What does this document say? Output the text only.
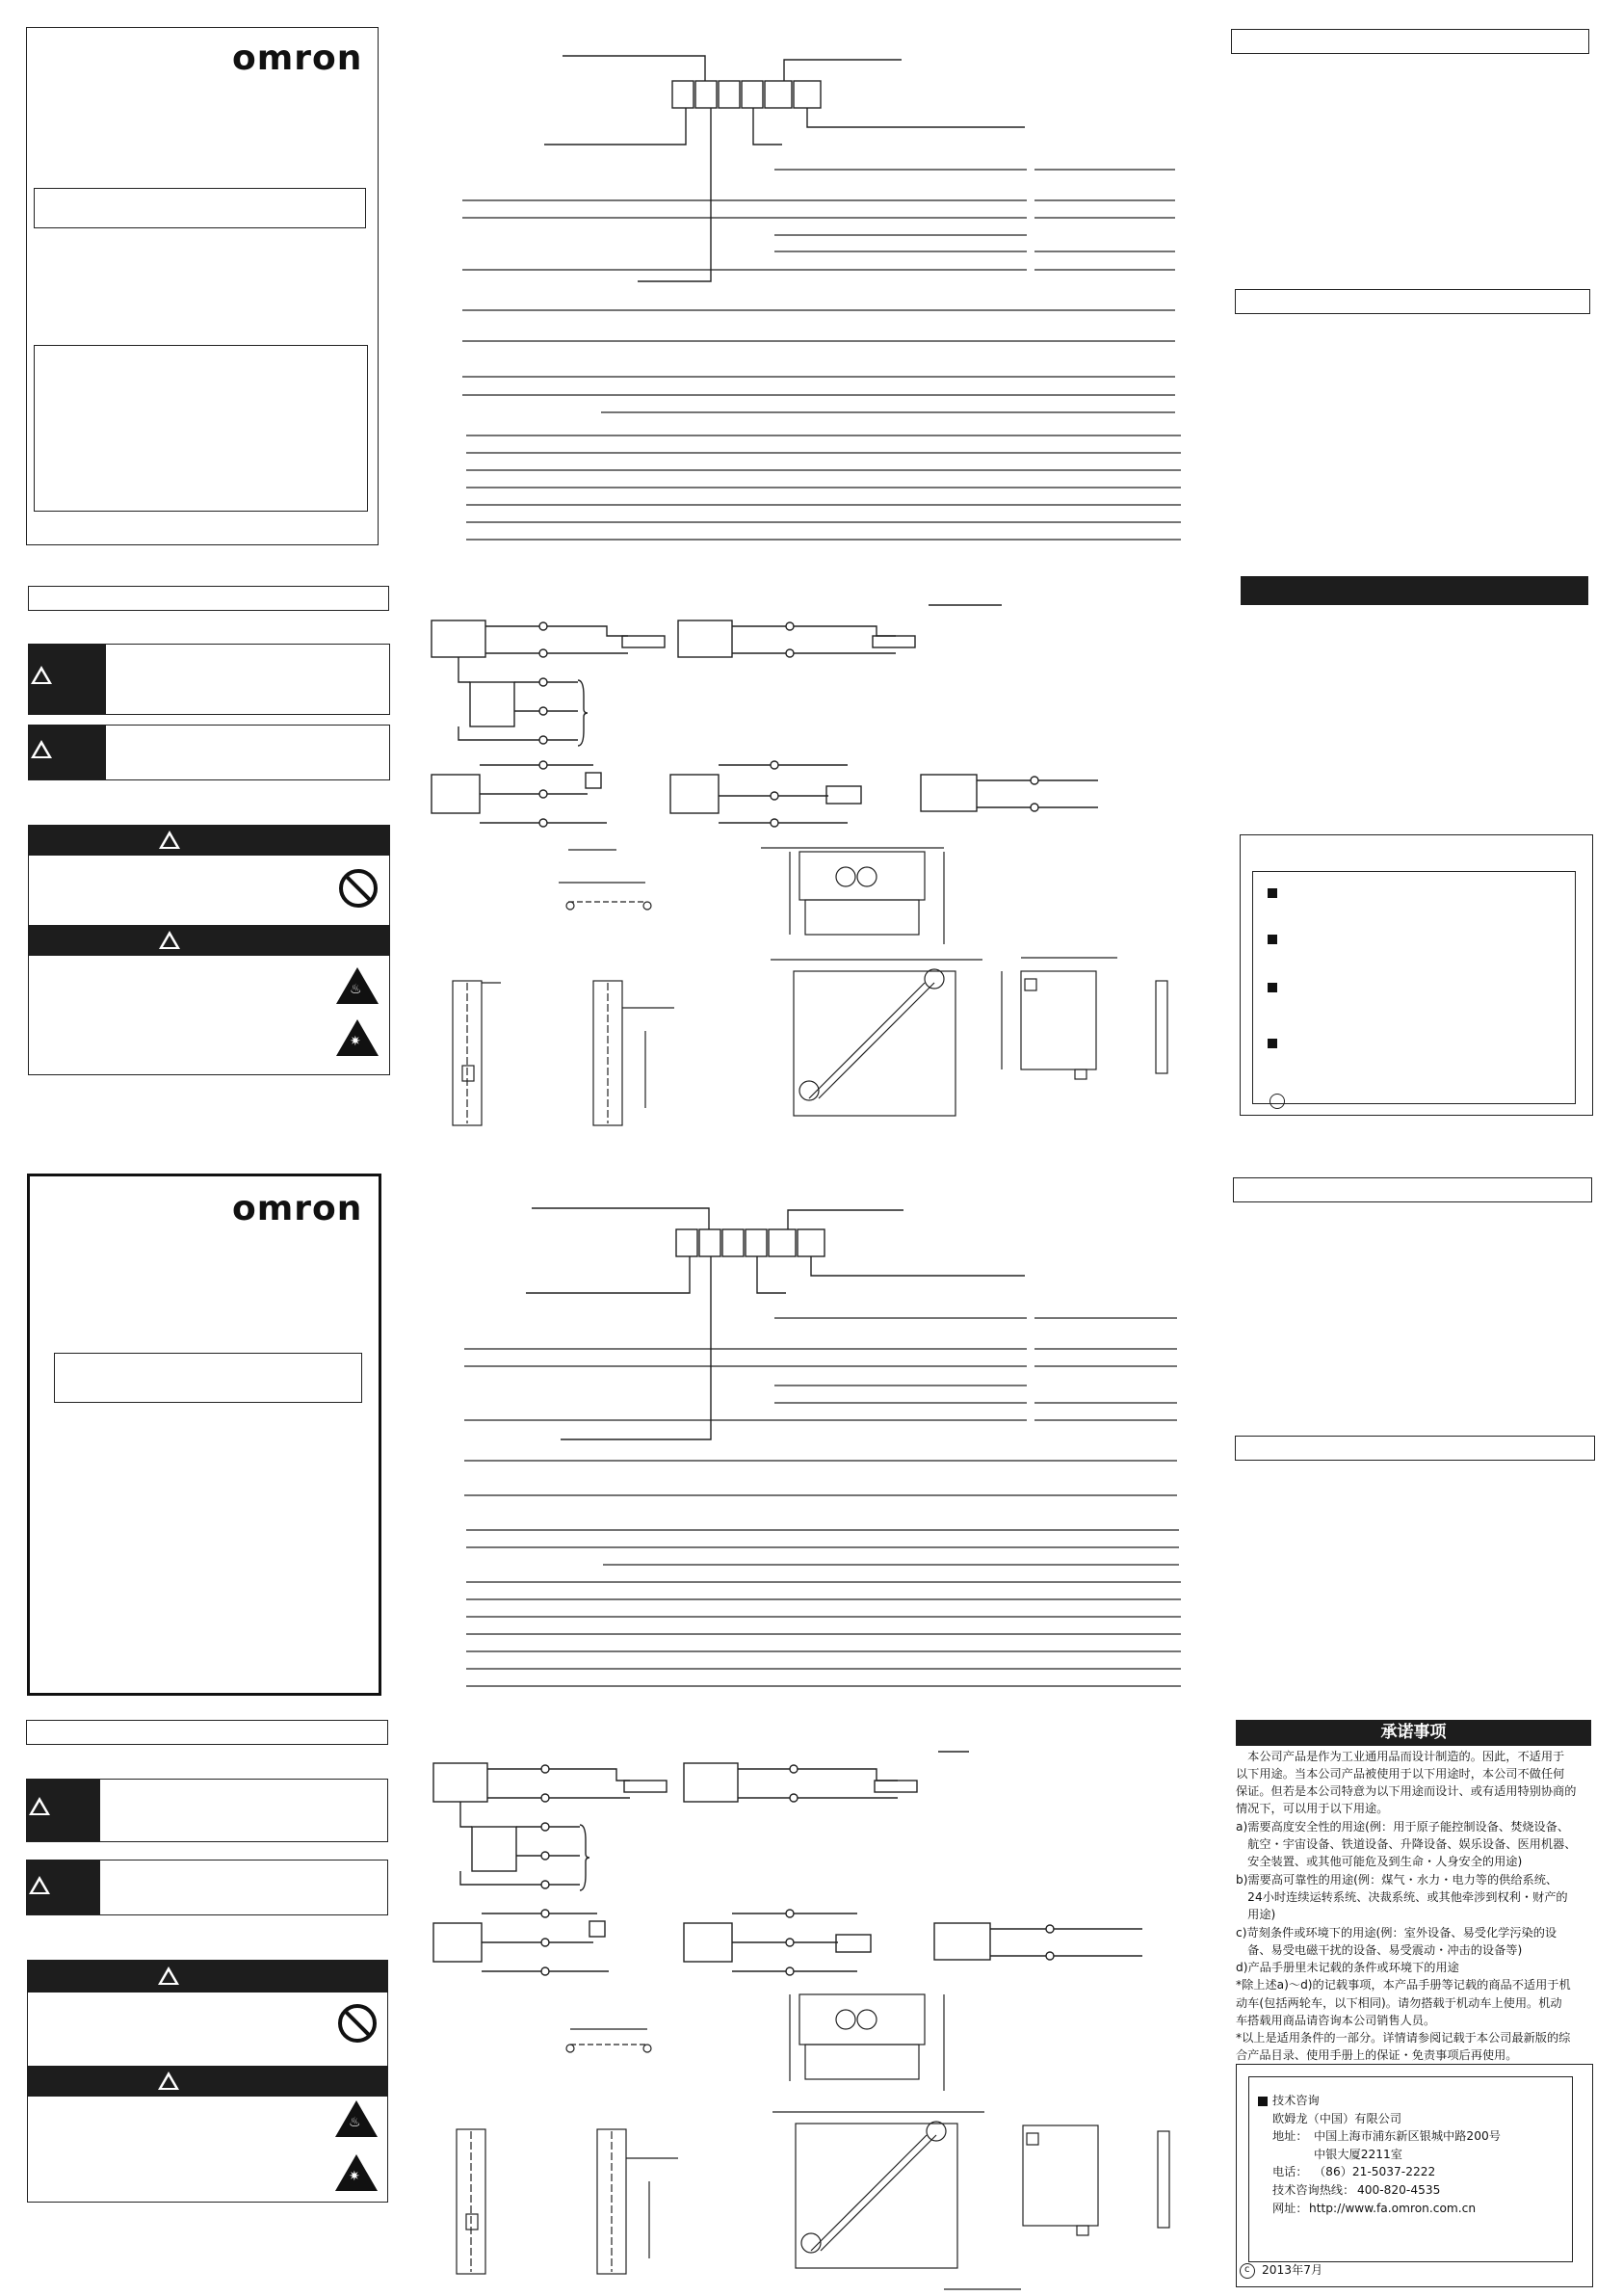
omron
♨
✷
omron
♨
✷
承诺事项
　本公司产品是作为工业通用品而设计制造的。因此，不适用于
以下用途。当本公司产品被使用于以下用途时，本公司不做任何
保证。但若是本公司特意为以下用途而设计、或有适用特别协商的
情况下，可以用于以下用途。
a)需要高度安全性的用途(例：用于原子能控制设备、焚烧设备、
　航空・宇宙设备、铁道设备、升降设备、娱乐设备、医用机器、
　安全装置、或其他可能危及到生命・人身安全的用途)
b)需要高可靠性的用途(例：煤气・水力・电力等的供给系统、
　24小时连续运转系统、决裁系统、或其他牵涉到权利・财产的
　用途)
c)苛刻条件或环境下的用途(例：室外设备、易受化学污染的设
　备、易受电磁干扰的设备、易受震动・冲击的设备等)
d)产品手册里未记载的条件或环境下的用途
*除上述a)～d)的记载事项，本产品手册等记载的商品不适用于机
动车(包括两轮车，以下相同)。请勿搭载于机动车上使用。机动
车搭载用商品请咨询本公司销售人员。
*以上是适用条件的一部分。详情请参阅记载于本公司最新版的综
合产品目录、使用手册上的保证・免责事项后再使用。
技术咨询
欧姆龙（中国）有限公司
地址： 中国上海市浦东新区银城中路200号
中银大厦2211室
电话： （86）21-5037-2222
技术咨询热线： 400-820-4535
网址： http://www.fa.omron.com.cn
c 2013年7月
